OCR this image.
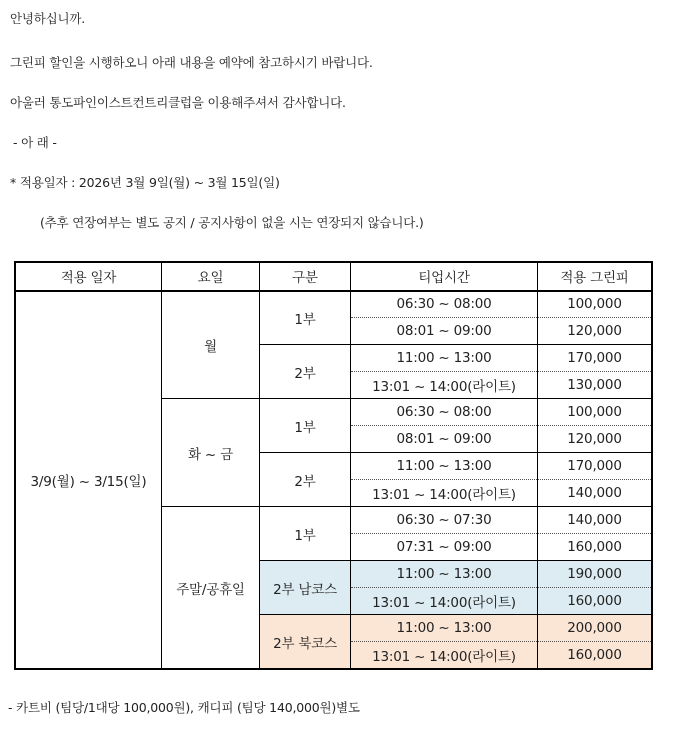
안녕하십니까.
그린피 할인을 시행하오니 아래 내용을 예약에 참고하시기 바랍니다.
아울러 통도파인이스트컨트리클럽을 이용해주셔서 감사합니다.
- 아 래 -
* 적용일자 : 2026년 3월 9일(월) ~ 3월 15일(일)
(추후 연장여부는 별도 공지 / 공지사항이 없을 시는 연장되지 않습니다.)
적용 일자	요일	구분	티업시간	적용 그린피
3/9(월) ~ 3/15(일)	월	1부	06:30 ~ 08:00	100,000
			08:01 ~ 09:00	120,000
		2부	11:00 ~ 13:00	170,000
			13:01 ~ 14:00(라이트)	130,000
	화 ~ 금	1부	06:30 ~ 08:00	100,000
			08:01 ~ 09:00	120,000
		2부	11:00 ~ 13:00	170,000
			13:01 ~ 14:00(라이트)	140,000
	주말/공휴일	1부	06:30 ~ 07:30	140,000
			07:31 ~ 09:00	160,000
		2부 남코스	11:00 ~ 13:00	190,000
			13:01 ~ 14:00(라이트)	160,000
		2부 북코스	11:00 ~ 13:00	200,000
			13:01 ~ 14:00(라이트)	160,000
- 카트비 (팀당/1대당 100,000원), 캐디피 (팀당 140,000원)별도
